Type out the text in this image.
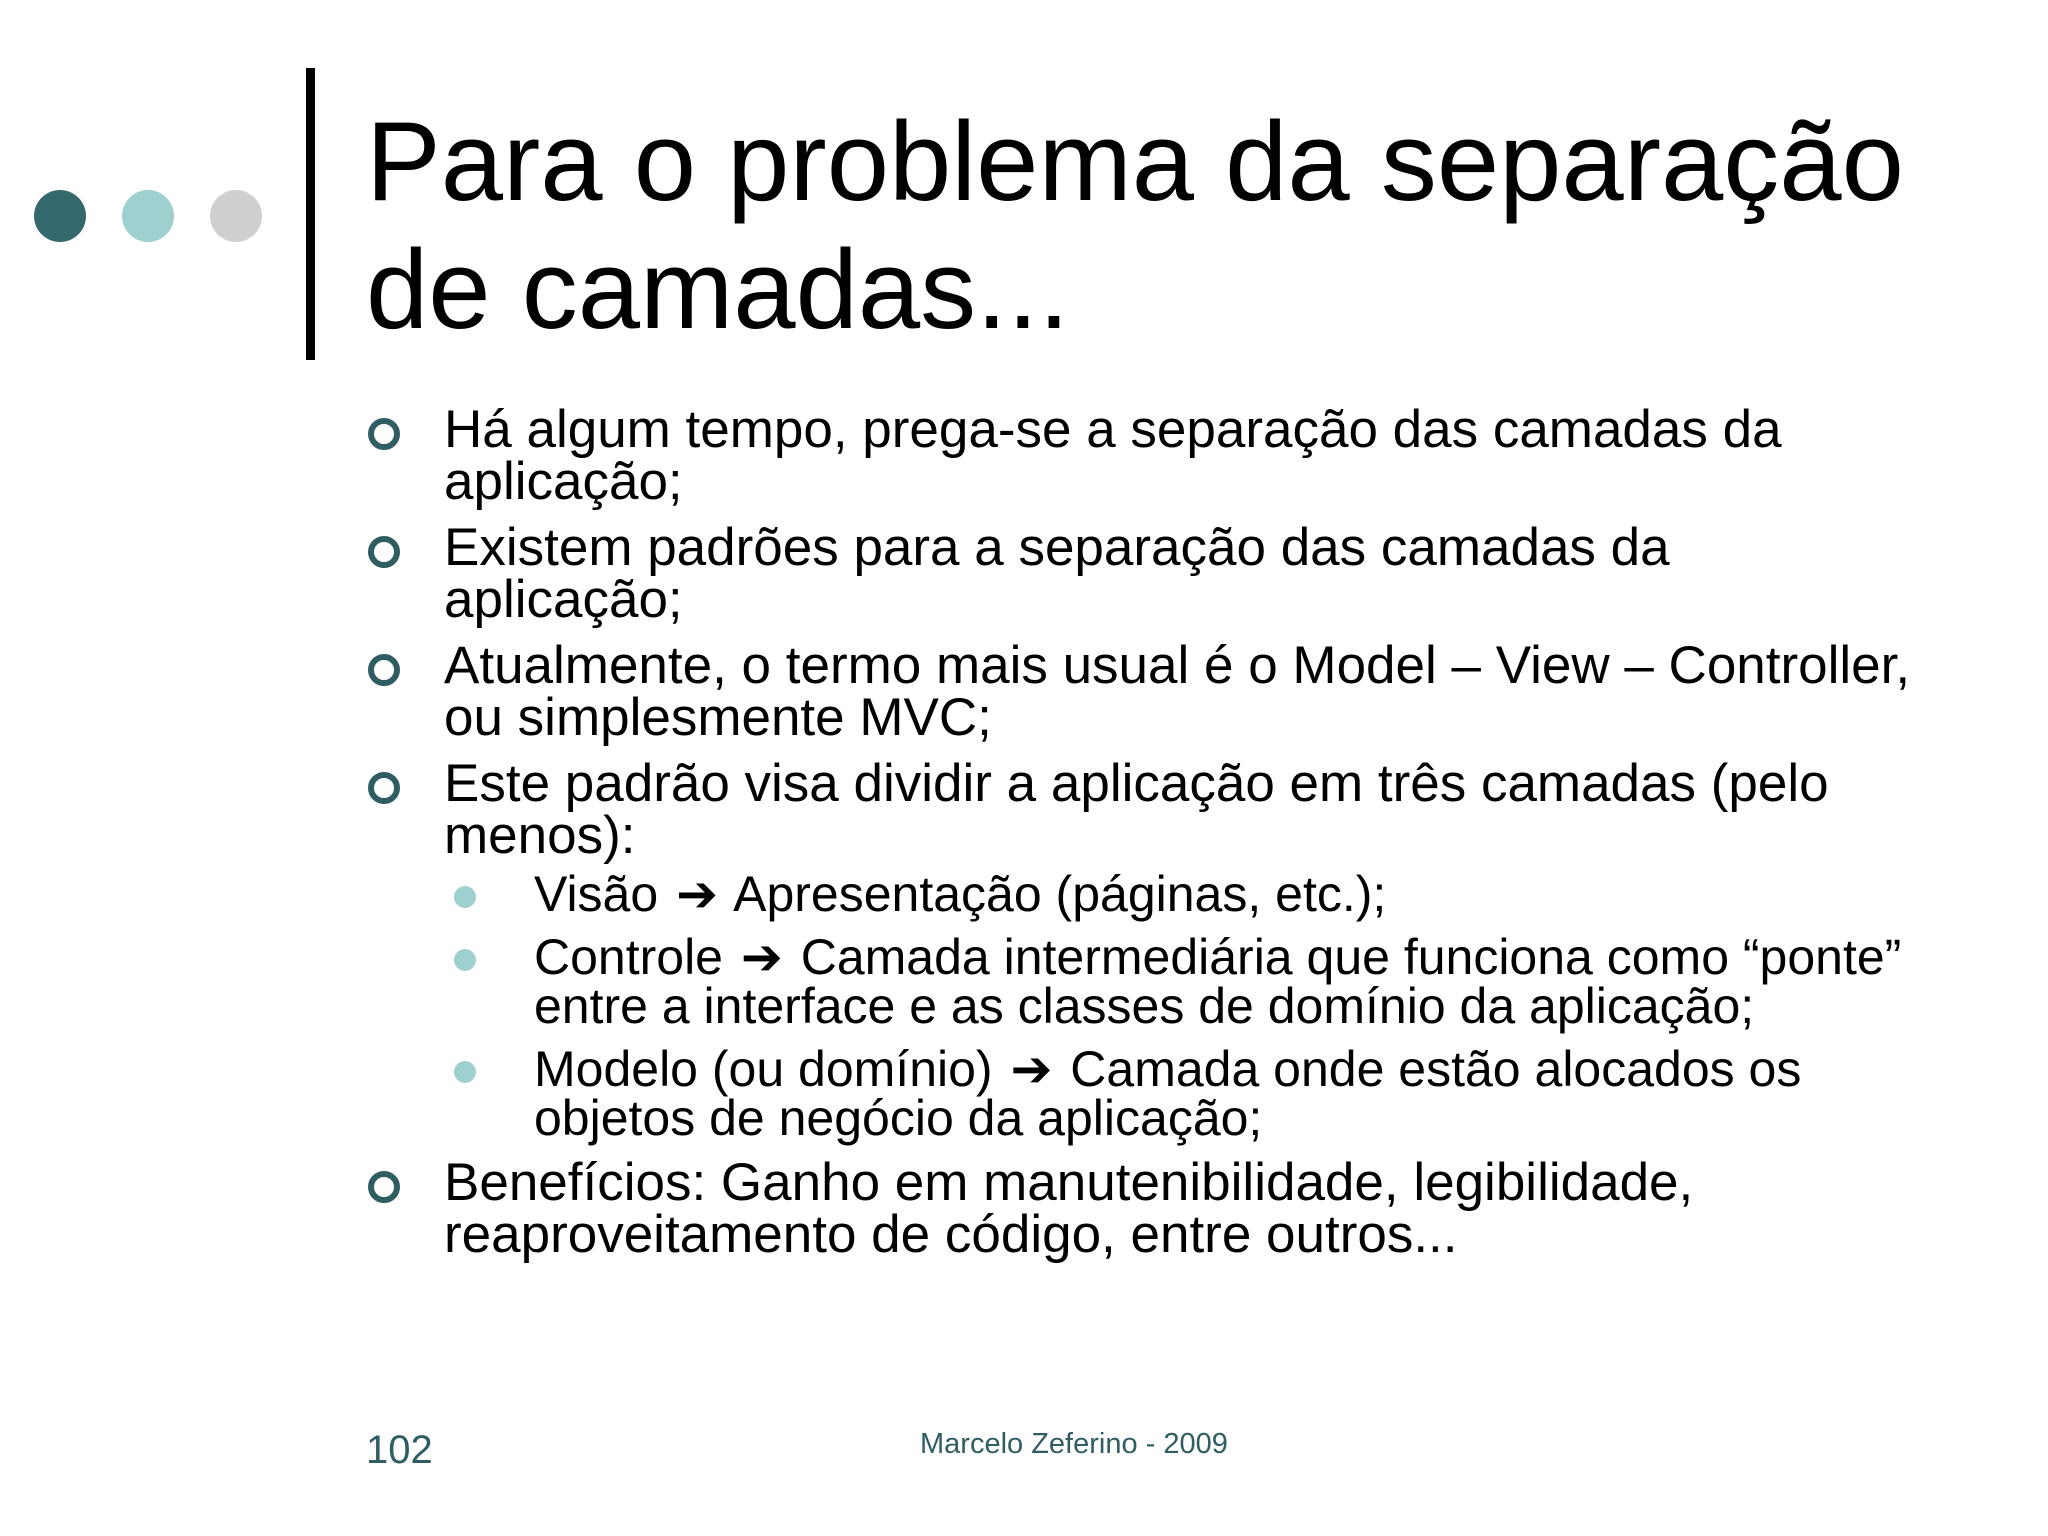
Para o problema da separação
de camadas...
Há algum tempo, prega-se a separação das camadas da aplicação;
Existem padrões para a separação das camadas da aplicação;
Atualmente, o termo mais usual é o Model – View – Controller, ou simplesmente MVC;
Este padrão visa dividir a aplicação em três camadas (pelo menos):
Visão ➔ Apresentação (páginas, etc.);
Controle ➔ Camada intermediária que funciona como “ponte” entre a interface e as classes de domínio da aplicação;
Modelo (ou domínio) ➔ Camada onde estão alocados os objetos de negócio da aplicação;
Benefícios: Ganho em manutenibilidade, legibilidade, reaproveitamento de código, entre outros...
102	Marcelo Zeferino - 2009
